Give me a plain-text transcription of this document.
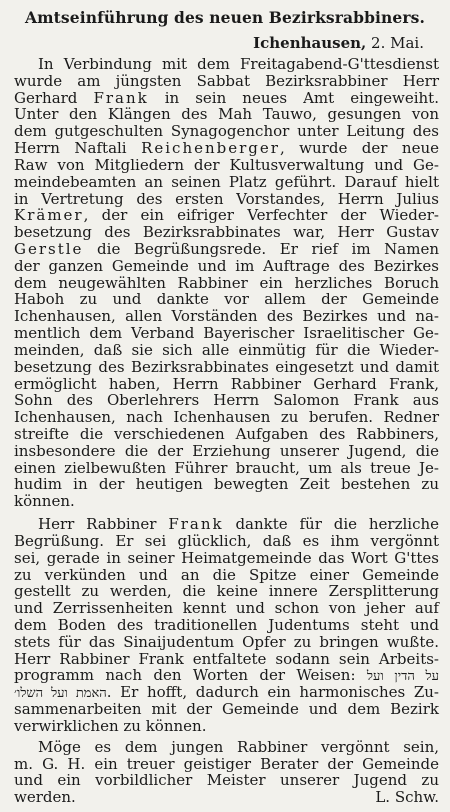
Amtseinführung des neuen Bezirksrabbiners.
Ichenhausen, 2. Mai.
In Verbindung mit dem Freitagabend-G'ttesdienst
wurde am jüngsten Sabbat Bezirksrabbiner Herr
Gerhard Frank in sein neues Amt eingeweiht.
Unter den Klängen des Mah Tauwo, gesungen von
dem gutgeschulten Synagogenchor unter Leitung des
Herrn Naftali Reichenberger, wurde der neue
Raw von Mitgliedern der Kultusverwaltung und Ge-
meindebeamten an seinen Platz geführt. Darauf hielt
in Vertretung des ersten Vorstandes, Herrn Julius
Krämer, der ein eifriger Verfechter der Wieder-
besetzung des Bezirksrabbinates war, Herr Gustav
Gerstle die Begrüßungsrede. Er rief im Namen
der ganzen Gemeinde und im Auftrage des Bezirkes
dem neugewählten Rabbiner ein herzliches Boruch
Haboh zu und dankte vor allem der Gemeinde
Ichenhausen, allen Vorständen des Bezirkes und na-
mentlich dem Verband Bayerischer Israelitischer Ge-
meinden, daß sie sich alle einmütig für die Wieder-
besetzung des Bezirksrabbinates eingesetzt und damit
ermöglicht haben, Herrn Rabbiner Gerhard Frank,
Sohn des Oberlehrers Herrn Salomon Frank aus
Ichenhausen, nach Ichenhausen zu berufen. Redner
streifte die verschiedenen Aufgaben des Rabbiners,
insbesondere die der Erziehung unserer Jugend, die
einen zielbewußten Führer braucht, um als treue Je-
hudim in der heutigen bewegten Zeit bestehen zu
können.
Herr Rabbiner Frank dankte für die herzliche
Begrüßung. Er sei glücklich, daß es ihm vergönnt
sei, gerade in seiner Heimatgemeinde das Wort G'ttes
zu verkünden und an die Spitze einer Gemeinde
gestellt zu werden, die keine innere Zersplitterung
und Zerrissenheiten kennt und schon von jeher auf
dem Boden des traditionellen Judentums steht und
stets für das Sinaijudentum Opfer zu bringen wußte.
Herr Rabbiner Frank entfaltete sodann sein Arbeits-
programm nach den Worten der Weisen: על הדין ועל
האמת ועל השלו׳. Er hofft, dadurch ein harmonisches Zu-
sammenarbeiten mit der Gemeinde und dem Bezirk
verwirklichen zu können.
Möge es dem jungen Rabbiner vergönnt sein,
m. G. H. ein treuer geistiger Berater der Gemeinde
und ein vorbildlicher Meister unserer Jugend zu
werden.	L. Schw.
